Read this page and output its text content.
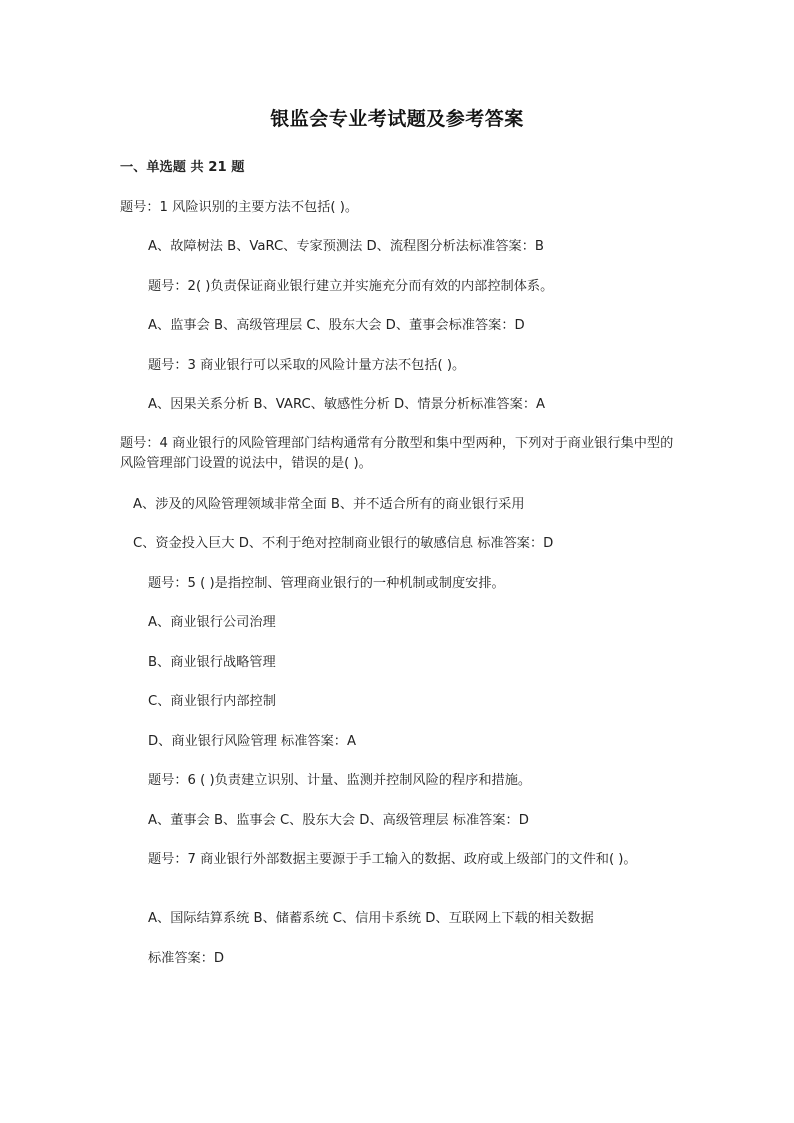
银监会专业考试题及参考答案
一、单选题 共 21 题
题号：1 风险识别的主要方法不包括( )。
A、故障树法 B、VaRC、专家预测法 D、流程图分析法标准答案：B
题号：2( )负责保证商业银行建立并实施充分而有效的内部控制体系。
A、监事会 B、高级管理层 C、股东大会 D、董事会标准答案：D
题号：3 商业银行可以采取的风险计量方法不包括( )。
A、因果关系分析 B、VARC、敏感性分析 D、情景分析标准答案：A
题号：4 商业银行的风险管理部门结构通常有分散型和集中型两种，下列对于商业银行集中型的风险管理部门设置的说法中，错误的是( )。
A、涉及的风险管理领域非常全面 B、并不适合所有的商业银行采用
C、资金投入巨大 D、不利于绝对控制商业银行的敏感信息 标准答案：D
题号：5 ( )是指控制、管理商业银行的一种机制或制度安排。
A、商业银行公司治理
B、商业银行战略管理
C、商业银行内部控制
D、商业银行风险管理 标准答案：A
题号：6 ( )负责建立识别、计量、监测并控制风险的程序和措施。
A、董事会 B、监事会 C、股东大会 D、高级管理层 标准答案：D
题号：7 商业银行外部数据主要源于手工输入的数据、政府或上级部门的文件和( )。
A、国际结算系统 B、储蓄系统 C、信用卡系统 D、互联网上下载的相关数据
标准答案：D
